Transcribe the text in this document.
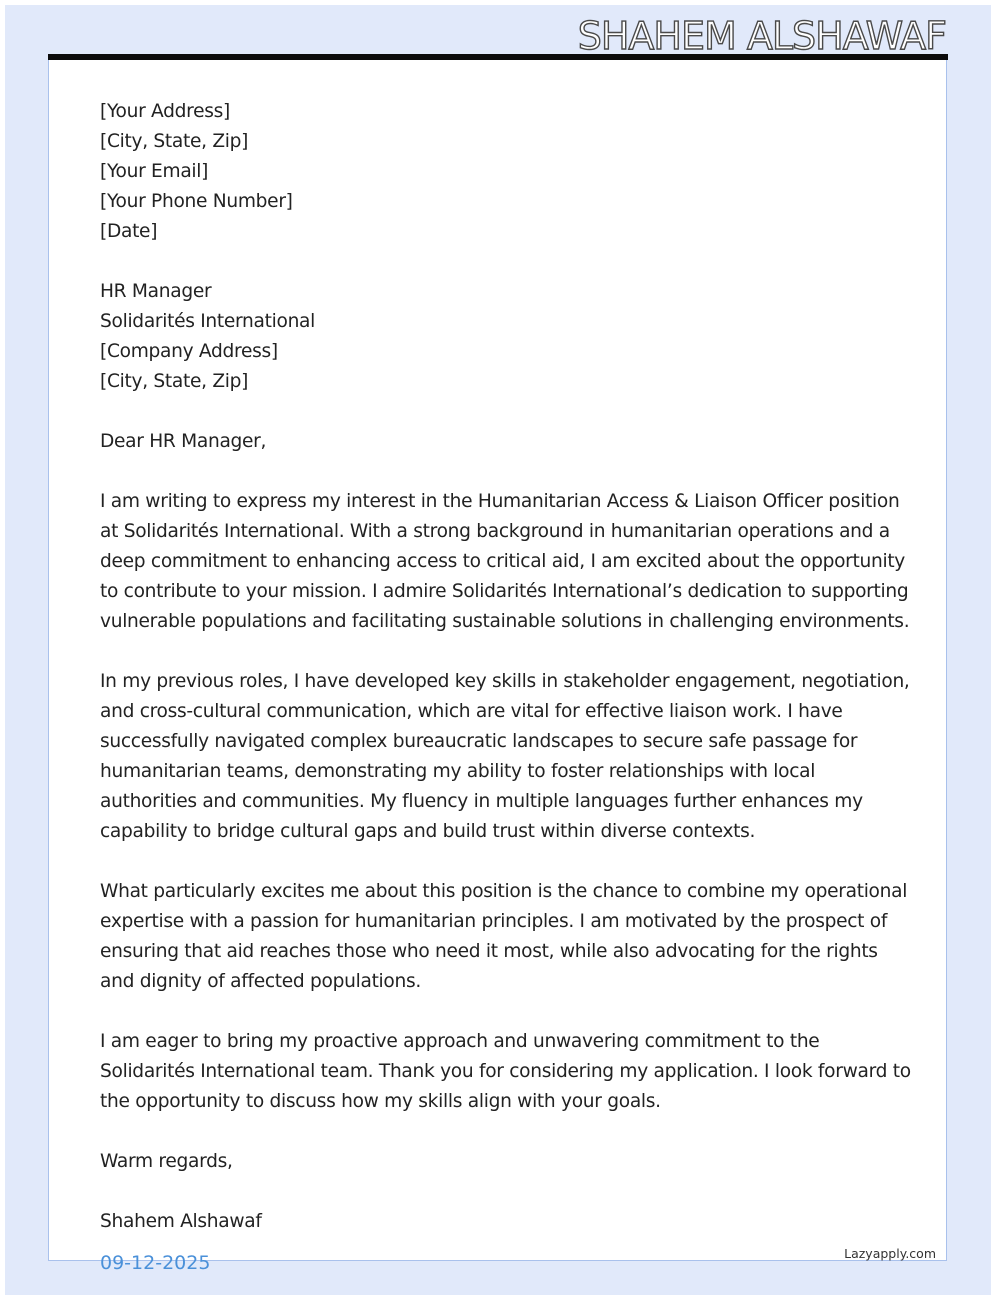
SHAHEM ALSHAWAF
[Your Address]
[City, State, Zip]
[Your Email]
[Your Phone Number]
[Date]
HR Manager
Solidarités International
[Company Address]
[City, State, Zip]
Dear HR Manager,
I am writing to express my interest in the Humanitarian Access & Liaison Officer position
at Solidarités International. With a strong background in humanitarian operations and a
deep commitment to enhancing access to critical aid, I am excited about the opportunity
to contribute to your mission. I admire Solidarités International’s dedication to supporting
vulnerable populations and facilitating sustainable solutions in challenging environments.
In my previous roles, I have developed key skills in stakeholder engagement, negotiation,
and cross-cultural communication, which are vital for effective liaison work. I have
successfully navigated complex bureaucratic landscapes to secure safe passage for
humanitarian teams, demonstrating my ability to foster relationships with local
authorities and communities. My fluency in multiple languages further enhances my
capability to bridge cultural gaps and build trust within diverse contexts.
What particularly excites me about this position is the chance to combine my operational
expertise with a passion for humanitarian principles. I am motivated by the prospect of
ensuring that aid reaches those who need it most, while also advocating for the rights
and dignity of affected populations.
I am eager to bring my proactive approach and unwavering commitment to the
Solidarités International team. Thank you for considering my application. I look forward to
the opportunity to discuss how my skills align with your goals.
Warm regards,
Shahem Alshawaf
09-12-2025	Lazyapply.com
